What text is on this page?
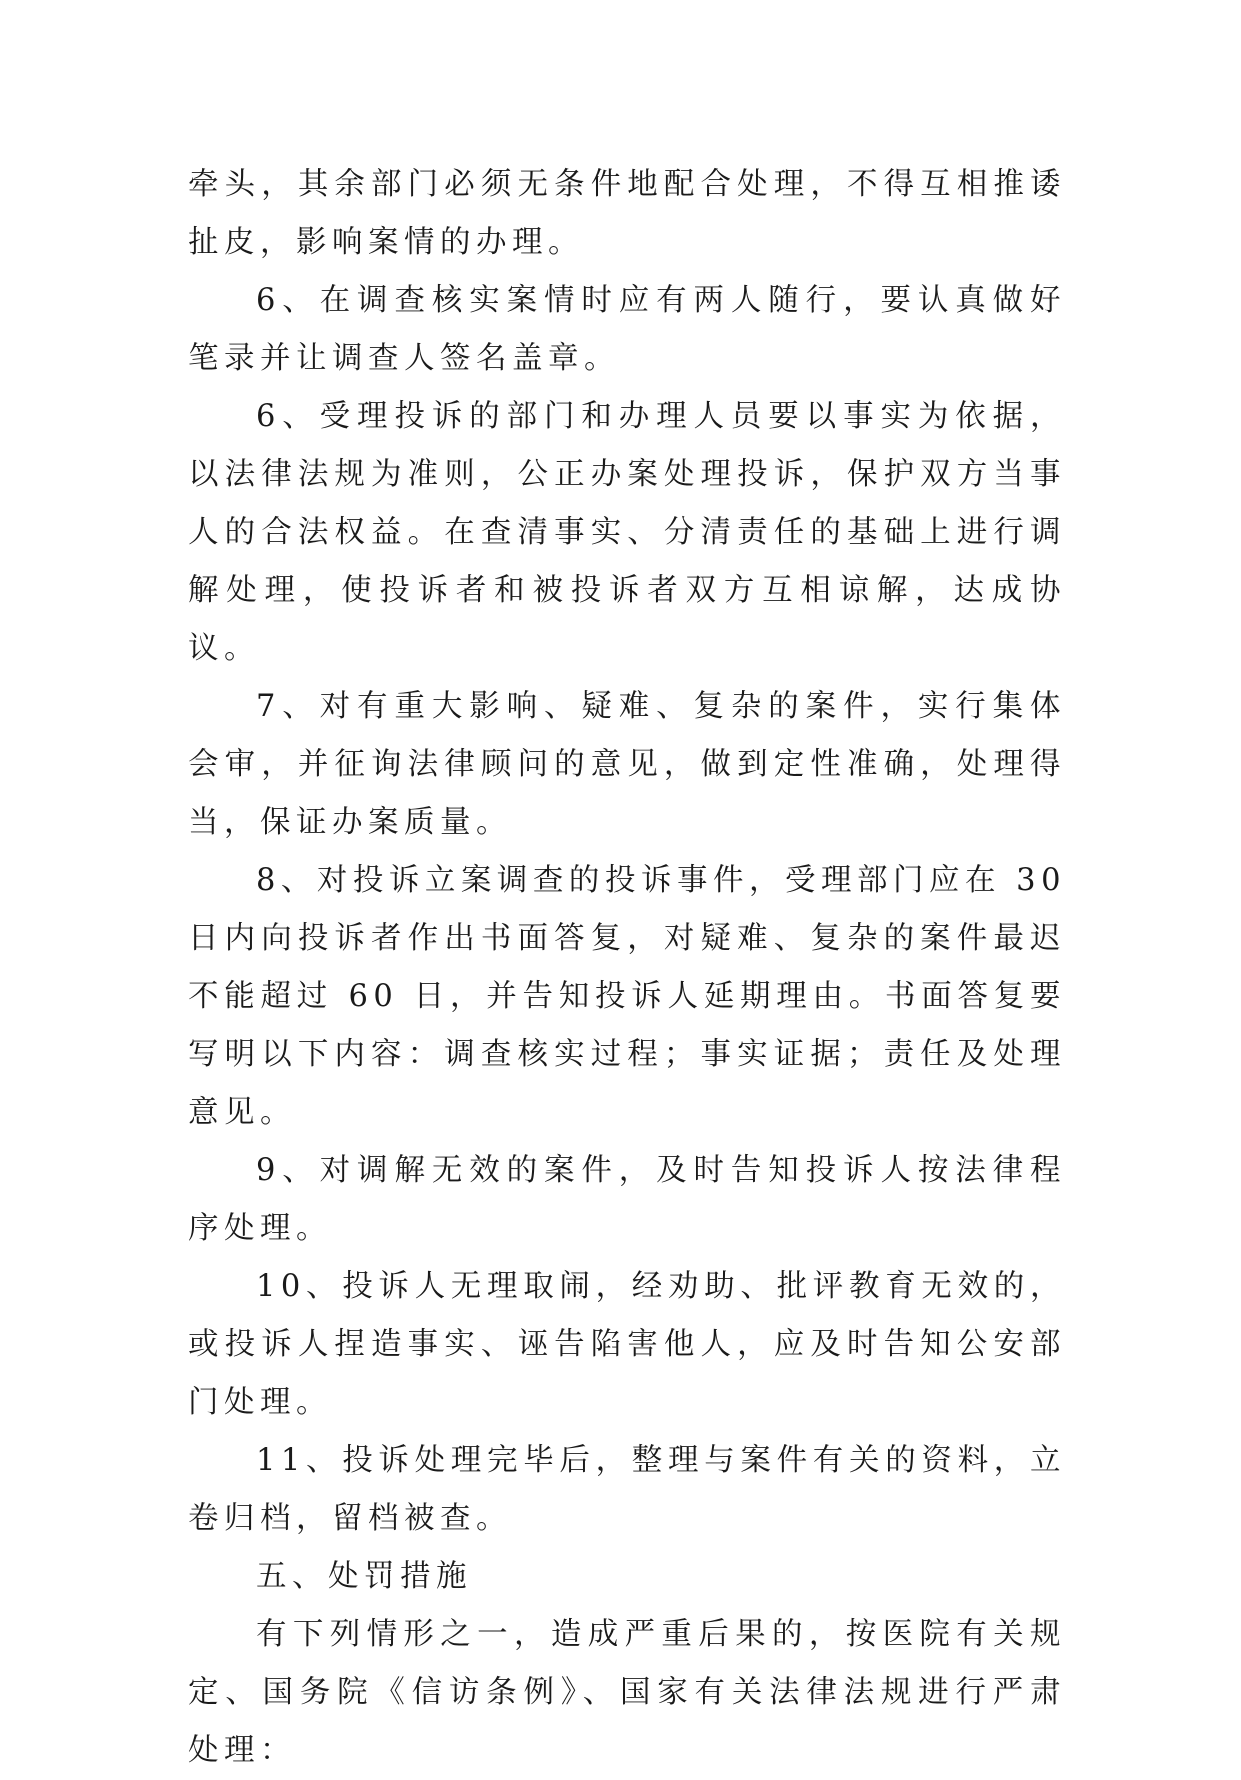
牵头，其余部门必须无条件地配合处理，不得互相推诿扯皮，影响案情的办理。

6、在调查核实案情时应有两人随行，要认真做好笔录并让调查人签名盖章。

6、受理投诉的部门和办理人员要以事实为依据，以法律法规为准则，公正办案处理投诉，保护双方当事人的合法权益。在查清事实、分清责任的基础上进行调解处理，使投诉者和被投诉者双方互相谅解，达成协议。

7、对有重大影响、疑难、复杂的案件，实行集体会审，并征询法律顾问的意见，做到定性准确，处理得当，保证办案质量。

8、对投诉立案调查的投诉事件，受理部门应在 30 日内向投诉者作出书面答复，对疑难、复杂的案件最迟不能超过 60 日，并告知投诉人延期理由。书面答复要写明以下内容：调查核实过程；事实证据；责任及处理意见。

9、对调解无效的案件，及时告知投诉人按法律程序处理。

10、投诉人无理取闹，经劝助、批评教育无效的，或投诉人捏造事实、诬告陷害他人，应及时告知公安部门处理。

11、投诉处理完毕后，整理与案件有关的资料，立卷归档，留档被查。

五、处罚措施

有下列情形之一，造成严重后果的，按医院有关规定、国务院《信访条例》、国家有关法律法规进行严肃处理：
